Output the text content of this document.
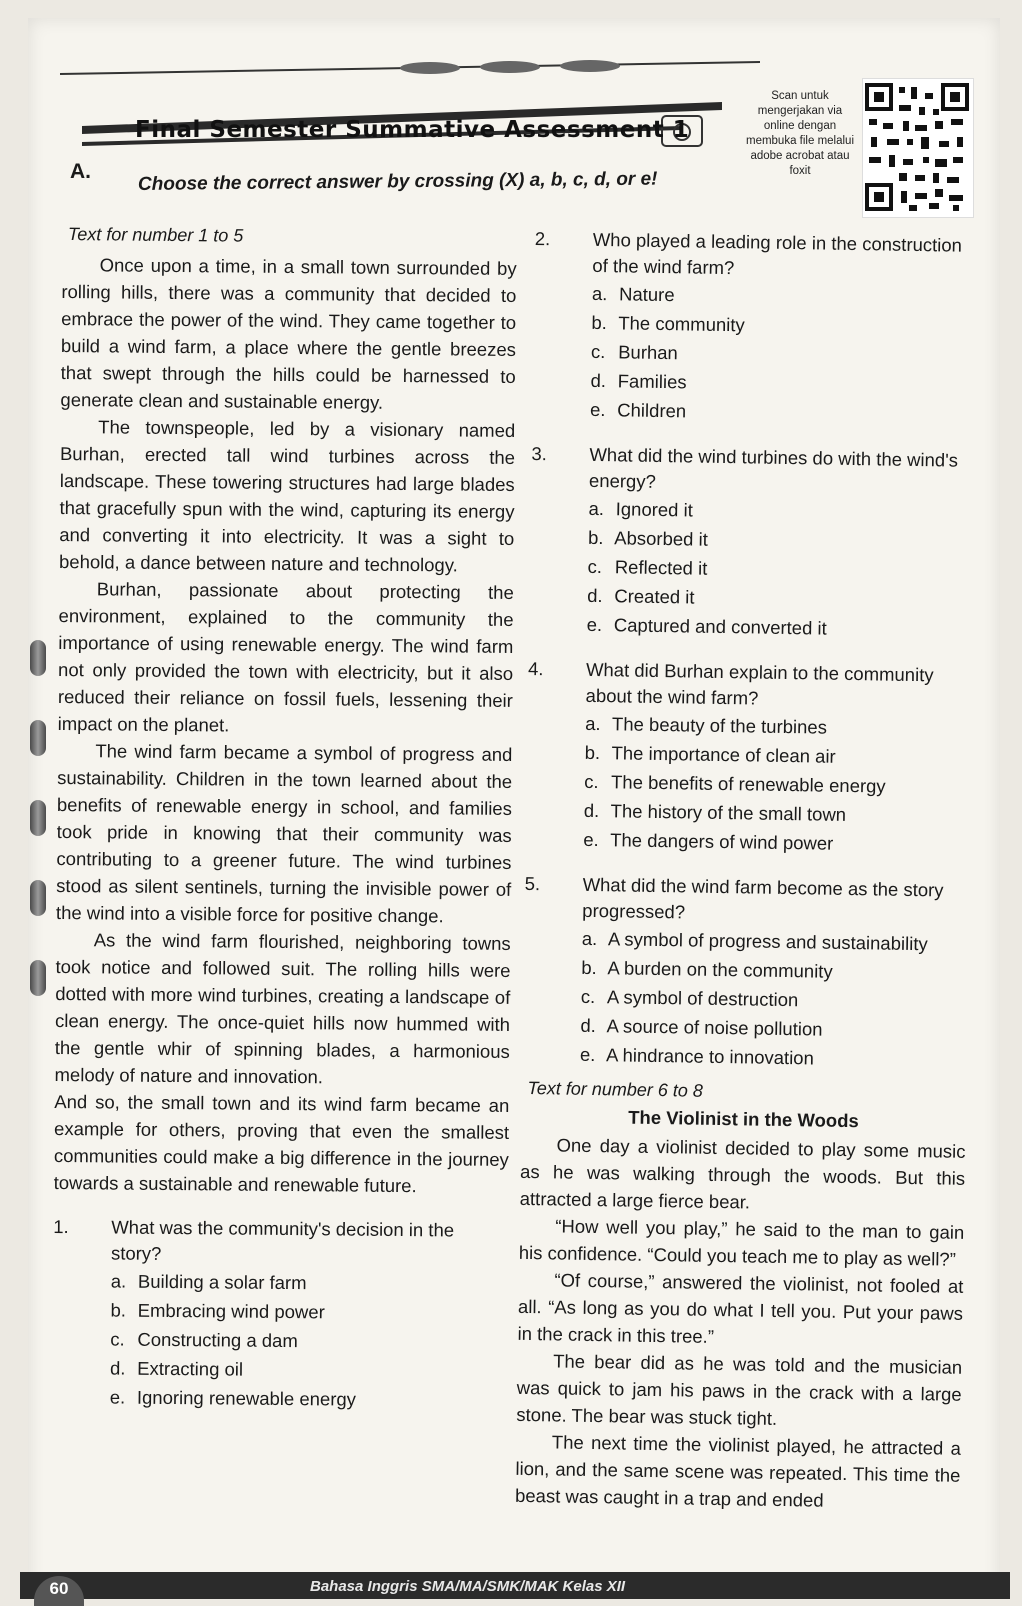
Final Semester Summative Assessment 1
Scan untuk mengerjakan via online dengan membuka file melalui adobe acrobat atau foxit
A. Choose the correct answer by crossing (X) a, b, c, d, or e!
Text for number 1 to 5

Once upon a time, in a small town surrounded by rolling hills, there was a community that decided to embrace the power of the wind. They came together to build a wind farm, a place where the gentle breezes that swept through the hills could be harnessed to generate clean and sustainable energy.

The townspeople, led by a visionary named Burhan, erected tall wind turbines across the landscape. These towering structures had large blades that gracefully spun with the wind, capturing its energy and converting it into electricity. It was a sight to behold, a dance between nature and technology.

Burhan, passionate about protecting the environment, explained to the community the importance of using renewable energy. The wind farm not only provided the town with electricity, but it also reduced their reliance on fossil fuels, lessening their impact on the planet.

The wind farm became a symbol of progress and sustainability. Children in the town learned about the benefits of renewable energy in school, and families took pride in knowing that their community was contributing to a greener future. The wind turbines stood as silent sentinels, turning the invisible power of the wind into a visible force for positive change.

As the wind farm flourished, neighboring towns took notice and followed suit. The rolling hills were dotted with more wind turbines, creating a landscape of clean energy. The once-quiet hills now hummed with the gentle whir of spinning blades, a harmonious melody of nature and innovation.

And so, the small town and its wind farm became an example for others, proving that even the smallest communities could make a big difference in the journey towards a sustainable and renewable future.

1.	What was the community's decision in the story?
a. Building a solar farm
b. Embracing wind power
c. Constructing a dam
d. Extracting oil
e. Ignoring renewable energy
2.	Who played a leading role in the construction of the wind farm?
a. Nature
b. The community
c. Burhan
d. Families
e. Children
3.	What did the wind turbines do with the wind's energy?
a. Ignored it
b. Absorbed it
c. Reflected it
d. Created it
e. Captured and converted it
4.	What did Burhan explain to the community about the wind farm?
a. The beauty of the turbines
b. The importance of clean air
c. The benefits of renewable energy
d. The history of the small town
e. The dangers of wind power
5.	What did the wind farm become as the story progressed?
a. A symbol of progress and sustainability
b. A burden on the community
c. A symbol of destruction
d. A source of noise pollution
e. A hindrance to innovation
Text for number 6 to 8
The Violinist in the Woods

One day a violinist decided to play some music as he was walking through the woods. But this attracted a large fierce bear.

“How well you play,” he said to the man to gain his confidence. “Could you teach me to play as well?”

“Of course,” answered the violinist, not fooled at all. “As long as you do what I tell you. Put your paws in the crack in this tree.”

The bear did as he was told and the musician was quick to jam his paws in the crack with a large stone. The bear was stuck tight.

The next time the violinist played, he attracted a lion, and the same scene was repeated. This time the beast was caught in a trap and ended

60	Bahasa Inggris SMA/MA/SMK/MAK Kelas XII
